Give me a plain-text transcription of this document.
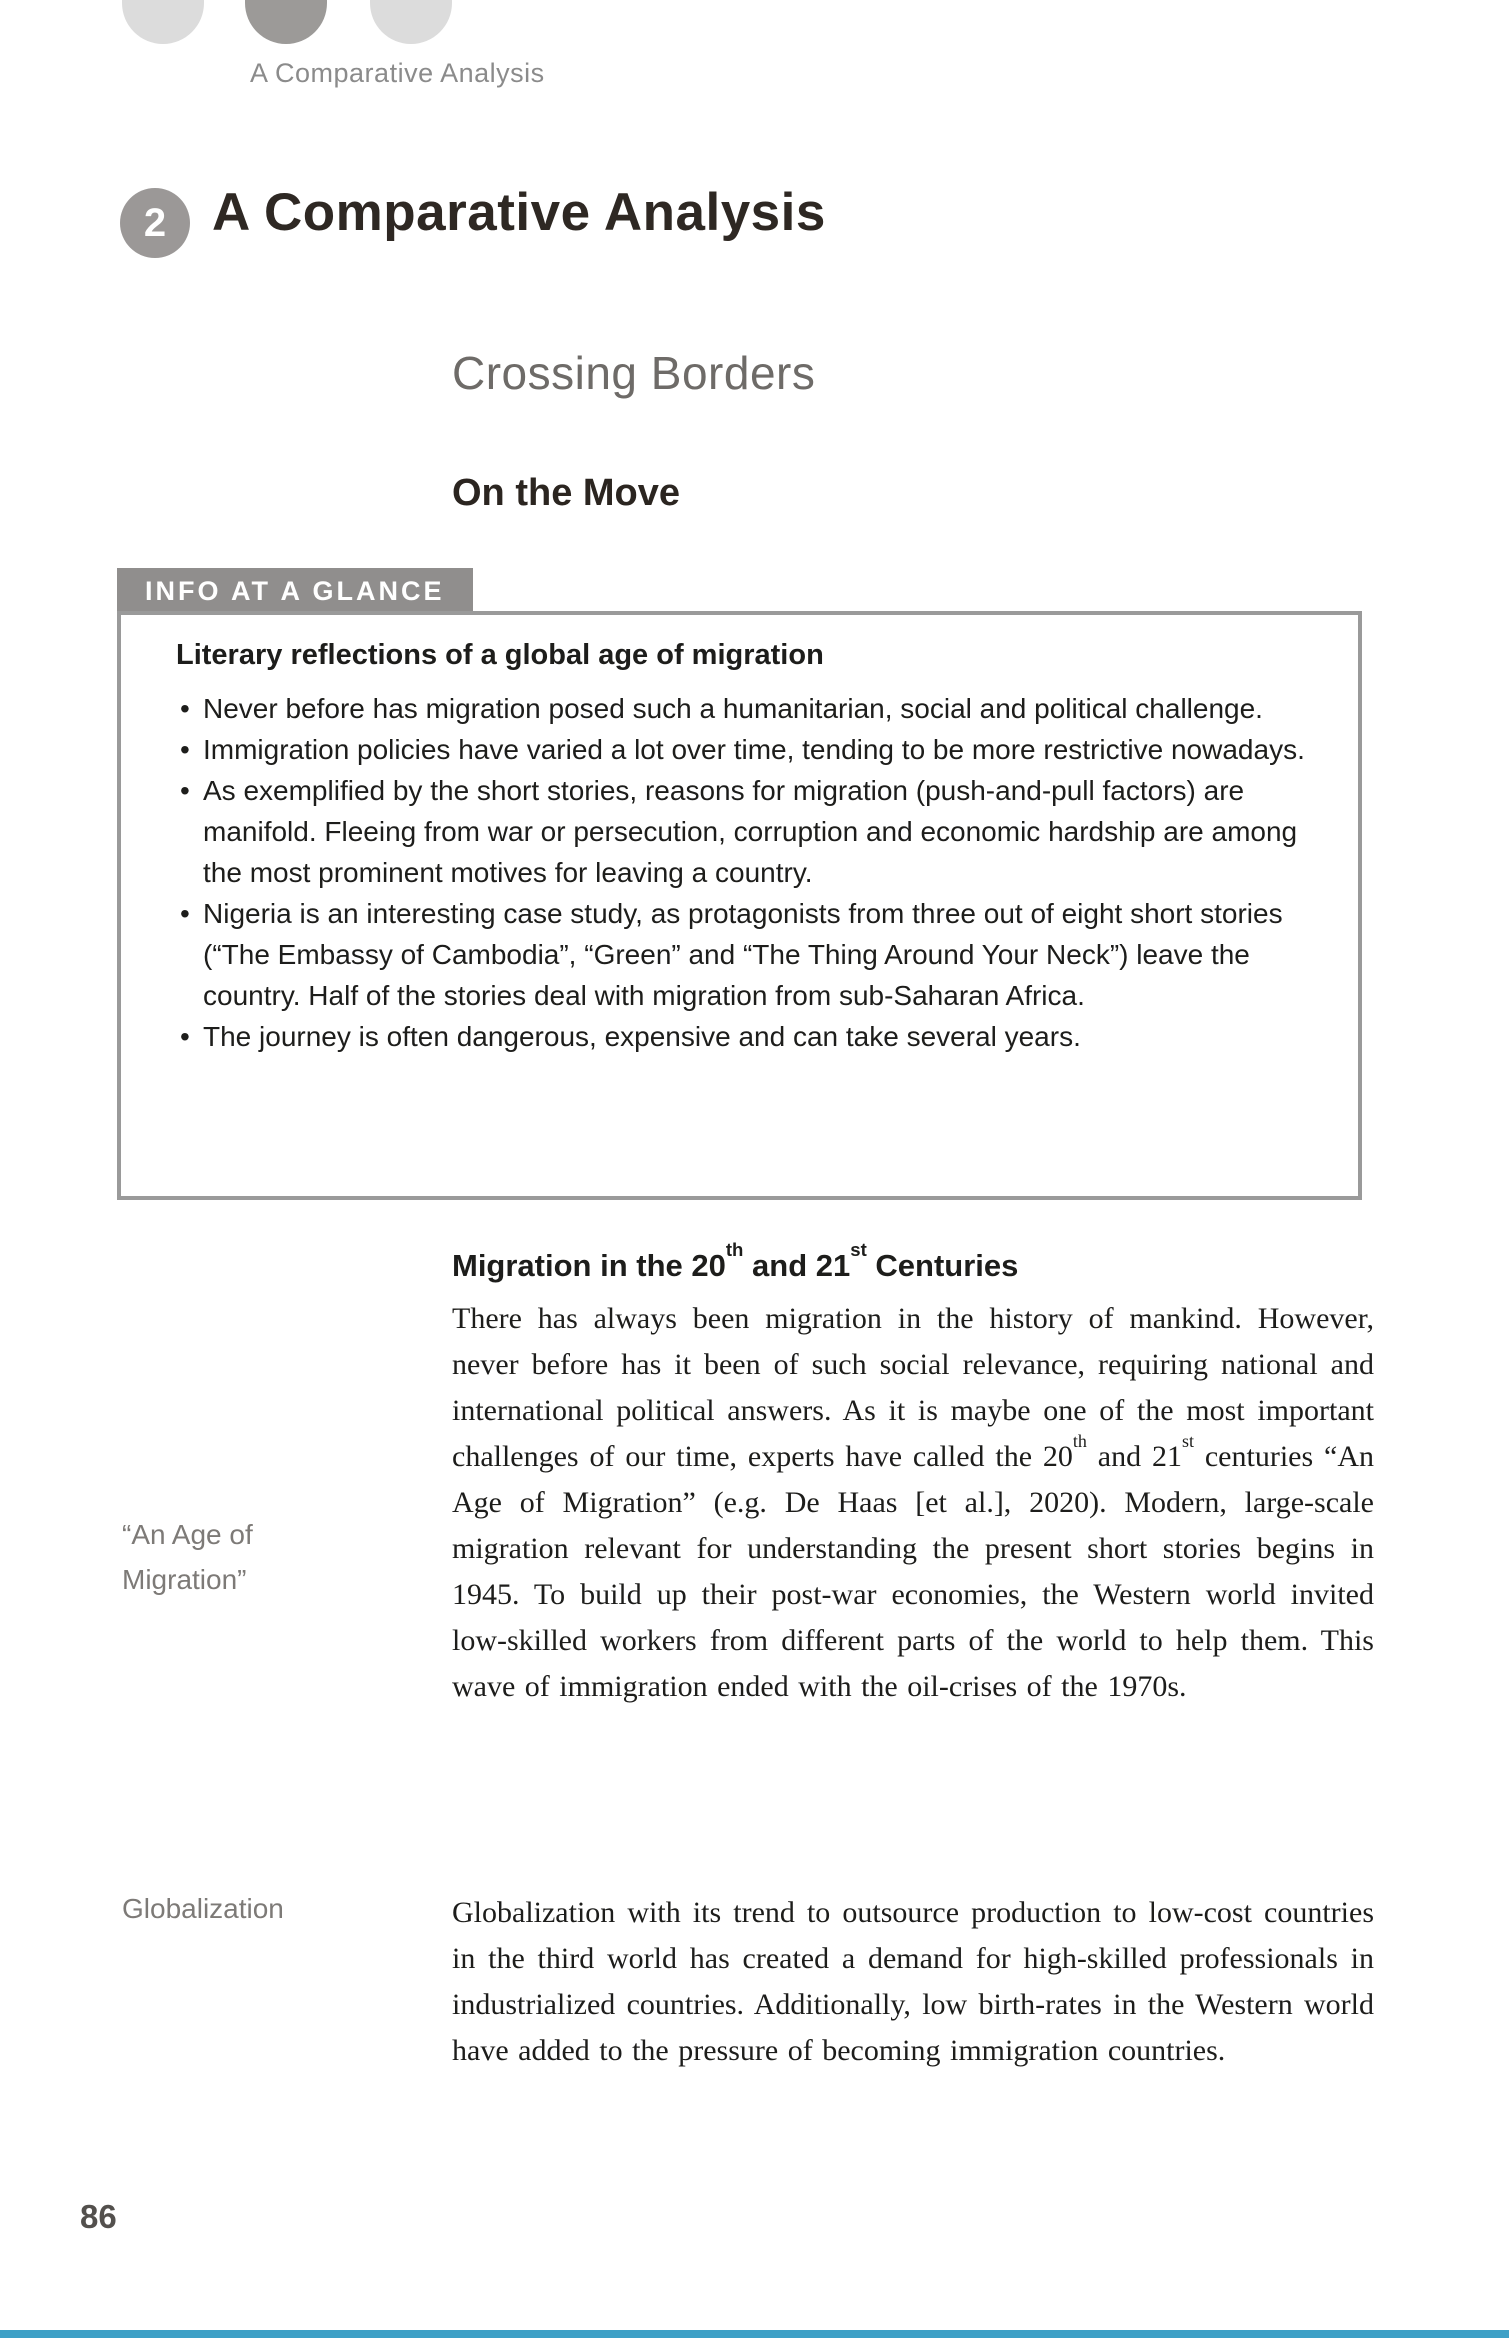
A Comparative Analysis
2 A Comparative Analysis
Crossing Borders
On the Move
INFO AT A GLANCE

Literary reflections of a global age of migration

• Never before has migration posed such a humanitarian, social and political challenge.
• Immigration policies have varied a lot over time, tending to be more restrictive nowadays.
• As exemplified by the short stories, reasons for migration (push-and-pull factors) are manifold. Fleeing from war or persecution, corruption and economic hardship are among the most prominent motives for leaving a country.
• Nigeria is an interesting case study, as protagonists from three out of eight short stories (“The Embassy of Cambodia”, “Green” and “The Thing Around Your Neck”) leave the country. Half of the stories deal with migration from sub-Saharan Africa.
• The journey is often dangerous, expensive and can take several years.
Migration in the 20th and 21st Centuries

There has always been migration in the history of mankind. However, never before has it been of such social relevance, requiring national and international political answers. As it is maybe one of the most important challenges of our time, experts have called the 20th and 21st centuries “An Age of Migration” (e.g. De Haas [et al.], 2020). Modern, large-scale migration relevant for understanding the present short stories begins in 1945. To build up their post-war economies, the Western world invited low-skilled workers from different parts of the world to help them. This wave of immigration ended with the oil-crises of the 1970s.

Globalization with its trend to outsource production to low-cost countries in the third world has created a demand for high-skilled professionals in industrialized countries. Additionally, low birth-rates in the Western world have added to the pressure of becoming immigration countries.

“An Age of Migration”
Globalization
86
